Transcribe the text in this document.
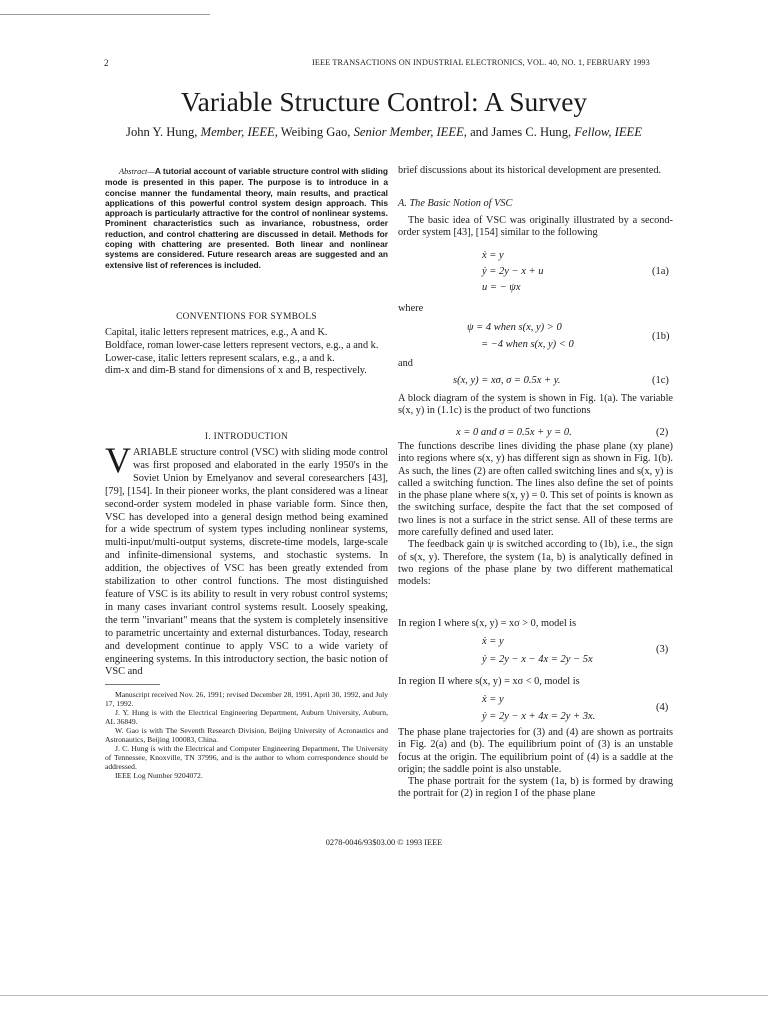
2	IEEE TRANSACTIONS ON INDUSTRIAL ELECTRONICS, VOL. 40, NO. 1, FEBRUARY 1993
Variable Structure Control: A Survey
John Y. Hung, Member, IEEE, Weibing Gao, Senior Member, IEEE, and James C. Hung, Fellow, IEEE
Abstract—A tutorial account of variable structure control with sliding mode is presented in this paper. The purpose is to introduce in a concise manner the fundamental theory, main results, and practical applications of this powerful control system design approach. This approach is particularly attractive for the control of nonlinear systems. Prominent characteristics such as invariance, robustness, order reduction, and control chattering are discussed in detail. Methods for coping with chattering are presented. Both linear and nonlinear systems are considered. Future research areas are suggested and an extensive list of references is included.
CONVENTIONS FOR SYMBOLS

Capital, italic letters represent matrices, e.g., A and K.

Boldface, roman lower-case letters represent vectors, e.g., a and k.

Lower-case, italic letters represent scalars, e.g., a and k.

dim-x and dim-B stand for dimensions of x and B, respectively.

I. INTRODUCTION
VARIABLE structure control (VSC) with sliding mode control was first proposed and elaborated in the early 1950's in the Soviet Union by Emelyanov and several coresearchers [43], [79], [154]. In their pioneer works, the plant considered was a linear second-order system modeled in phase variable form. Since then, VSC has developed into a general design method being examined for a wide spectrum of system types including nonlinear systems, multi-input/multi-output systems, discrete-time models, large-scale and infinite-dimensional systems, and stochastic systems. In addition, the objectives of VSC has been greatly extended from stabilization to other control functions. The most distinguished feature of VSC is its ability to result in very robust control systems; in many cases invariant control systems result. Loosely speaking, the term "invariant" means that the system is completely insensitive to parametric uncertainty and external disturbances. Today, research and development continue to apply VSC to a wide variety of engineering systems. In this introductory section, the basic notion of VSC and

Manuscript received Nov. 26, 1991; revised December 28, 1991, April 30, 1992, and July 17, 1992.

J. Y. Hung is with the Electrical Engineering Department, Auburn University, Auburn, AL 36849.

W. Gao is with The Seventh Research Division, Beijing University of Acronautics and Astronautics, Beijing 100083, China.

J. C. Hung is with the Electrical and Computer Engineering Department, The University of Tennessee, Knoxville, TN 37996, and is the author to whom correspondence should be addressed.

IEEE Log Number 9204072.

brief discussions about its historical development are presented.
A. The Basic Notion of VSC
The basic idea of VSC was originally illustrated by a second-order system [43], [154] similar to the following
ẋ = y
ẏ = 2y − x + u
u = − ψx
(1a)
where
ψ = 4 when s(x, y) > 0
= −4 when s(x, y) < 0
(1b)
and
s(x, y) = xσ, σ = 0.5x + y.	(1c)
A block diagram of the system is shown in Fig. 1(a). The variable s(x, y) in (1.1c) is the product of two functions
x = 0 and σ = 0.5x + y = 0.	(2)

The functions describe lines dividing the phase plane (xy plane) into regions where s(x, y) has different sign as shown in Fig. 1(b). As such, the lines (2) are often called switching lines and s(x, y) is called a switching function. The lines also define the set of points in the phase plane where s(x, y) = 0. This set of points is known as the switching surface, despite the fact that the set composed of two lines is not a surface in the strict sense. All of these terms are more carefully defined and used later.

The feedback gain ψ is switched according to (1b), i.e., the sign of s(x, y). Therefore, the system (1a, b) is analytically defined in two regions of the phase plane by two different mathematical models:

In region I where s(x, y) = xσ > 0, model is
ẋ = y
ẏ = 2y − x − 4x = 2y − 5x
(3)
In region II where s(x, y) = xσ < 0, model is
ẋ = y
ẏ = 2y − x + 4x = 2y + 3x.
(4)

The phase plane trajectories for (3) and (4) are shown as portraits in Fig. 2(a) and (b). The equilibrium point of (3) is an unstable focus at the origin. The equilibrium point of (4) is a saddle at the origin; the saddle point is also unstable.

The phase portrait for the system (1a, b) is formed by drawing the portrait for (2) in region I of the phase plane

0278-0046/93$03.00 © 1993 IEEE
